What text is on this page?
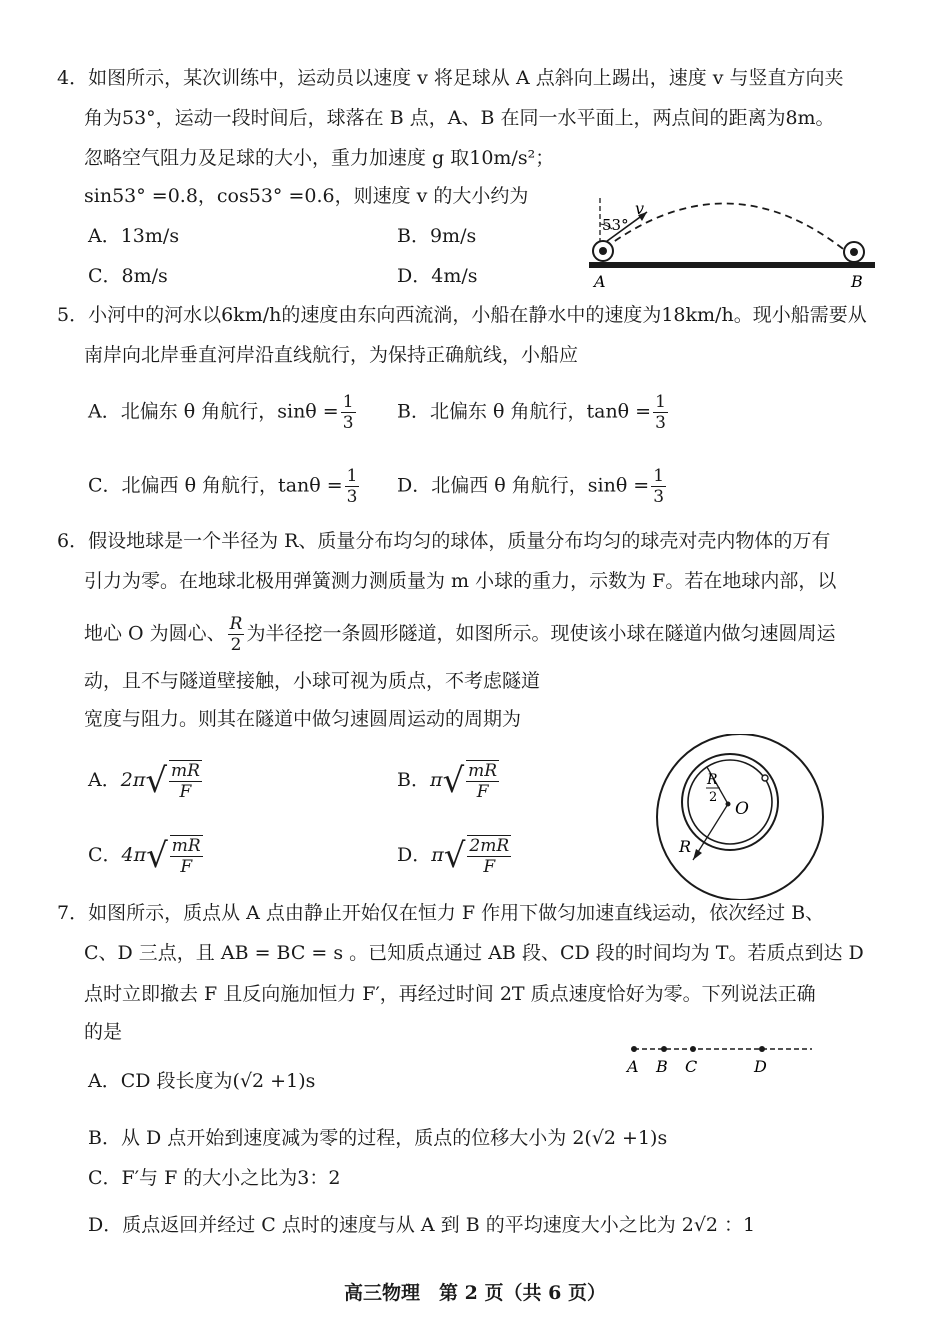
4．如图所示，某次训练中，运动员以速度 v 将足球从 A 点斜向上踢出，速度 v 与竖直方向夹
角为53°，运动一段时间后，球落在 B 点，A、B 在同一水平面上，两点间的距离为8m。
忽略空气阻力及足球的大小，重力加速度 g 取10m/s²；
sin53° =0.8，cos53° =0.6，则速度 v 的大小约为
A．13m/s	B．9m/s
C．8m/s	D．4m/s
53°
v
A	B
5．小河中的河水以6km/h的速度由东向西流淌，小船在静水中的速度为18km/h。现小船需要从
南岸向北岸垂直河岸沿直线航行，为保持正确航线，小船应
A．北偏东 θ 角航行，$\sin\theta = \frac{1}{3}$ B．北偏东 θ 角航行，$\tan\theta = \frac{1}{3}$
C．北偏西 θ 角航行，$\tan\theta = \frac{1}{3}$ D．北偏西 θ 角航行，$\sin\theta = \frac{1}{3}$
6．假设地球是一个半径为 R、质量分布均匀的球体，质量分布均匀的球壳对壳内物体的万有
引力为零。在地球北极用弹簧测力测质量为 m 小球的重力，示数为 F。若在地球内部，以
地心 O 为圆心、 $\frac{R}{2}$ 为半径挖一条圆形隧道，如图所示。现使该小球在隧道内做匀速圆周运
动，且不与隧道壁接触，小球可视为质点，不考虑隧道
宽度与阻力。则其在隧道中做匀速圆周运动的周期为
A．$2\pi√ \frac{mR}{F}$	B．$\pi√ \frac{mR}{F}$
C．$4\pi√ \frac{mR}{F}$	D．$\pi√ \frac{2mR}{F}$
R
2
O
R
7．如图所示，质点从 A 点由静止开始仅在恒力 F 作用下做匀加速直线运动，依次经过 B、
C、D 三点，且 AB = BC = s 。已知质点通过 AB 段、CD 段的时间均为 T。若质点到达 D
点时立即撤去 F 且反向施加恒力 F′，再经过时间 2T 质点速度恰好为零。下列说法正确
的是
A．CD 段长度为(√2 +1)s
B．从 D 点开始到速度减为零的过程，质点的位移大小为 2(√2 +1)s
C．F′与 F 的大小之比为3：2
D．质点返回并经过 C 点时的速度与从 A 到 B 的平均速度大小之比为 2√2 ：1
A B C	D
高三物理　第 2 页（共 6 页）
